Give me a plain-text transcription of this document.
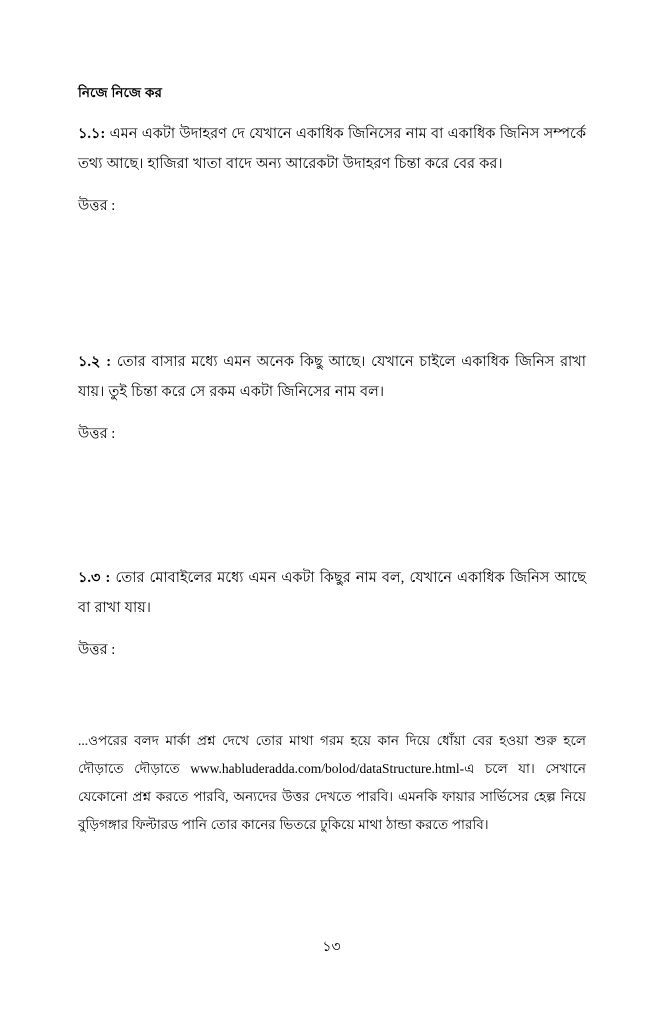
নিজে নিজে কর

১.১: এমন একটা উদাহরণ দে যেখানে একাধিক জিনিসের নাম বা একাধিক জিনিস সম্পর্কে তথ্য আছে। হাজিরা খাতা বাদে অন্য আরেকটা উদাহরণ চিন্তা করে বের কর।

উত্তর :

১.২ : তোর বাসার মধ্যে এমন অনেক কিছু আছে। যেখানে চাইলে একাধিক জিনিস রাখা যায়। তুই চিন্তা করে সে রকম একটা জিনিসের নাম বল।

উত্তর :

১.৩ : তোর মোবাইলের মধ্যে এমন একটা কিছুর নাম বল, যেখানে একাধিক জিনিস আছে বা রাখা যায়।

উত্তর :

...ওপরের বলদ মার্কা প্রশ্ন দেখে তোর মাথা গরম হয়ে কান দিয়ে ধোঁয়া বের হওয়া শুরু হলে দৌড়াতে দৌড়াতে www.habluderadda.com/bolod/dataStructure.html-এ চলে যা। সেখানে যেকোনো প্রশ্ন করতে পারবি, অন্যদের উত্তর দেখতে পারবি। এমনকি ফায়ার সার্ভিসের হেল্প নিয়ে বুড়িগঙ্গার ফিল্টারড পানি তোর কানের ভিতরে ঢুকিয়ে মাথা ঠান্ডা করতে পারবি।

১৩
